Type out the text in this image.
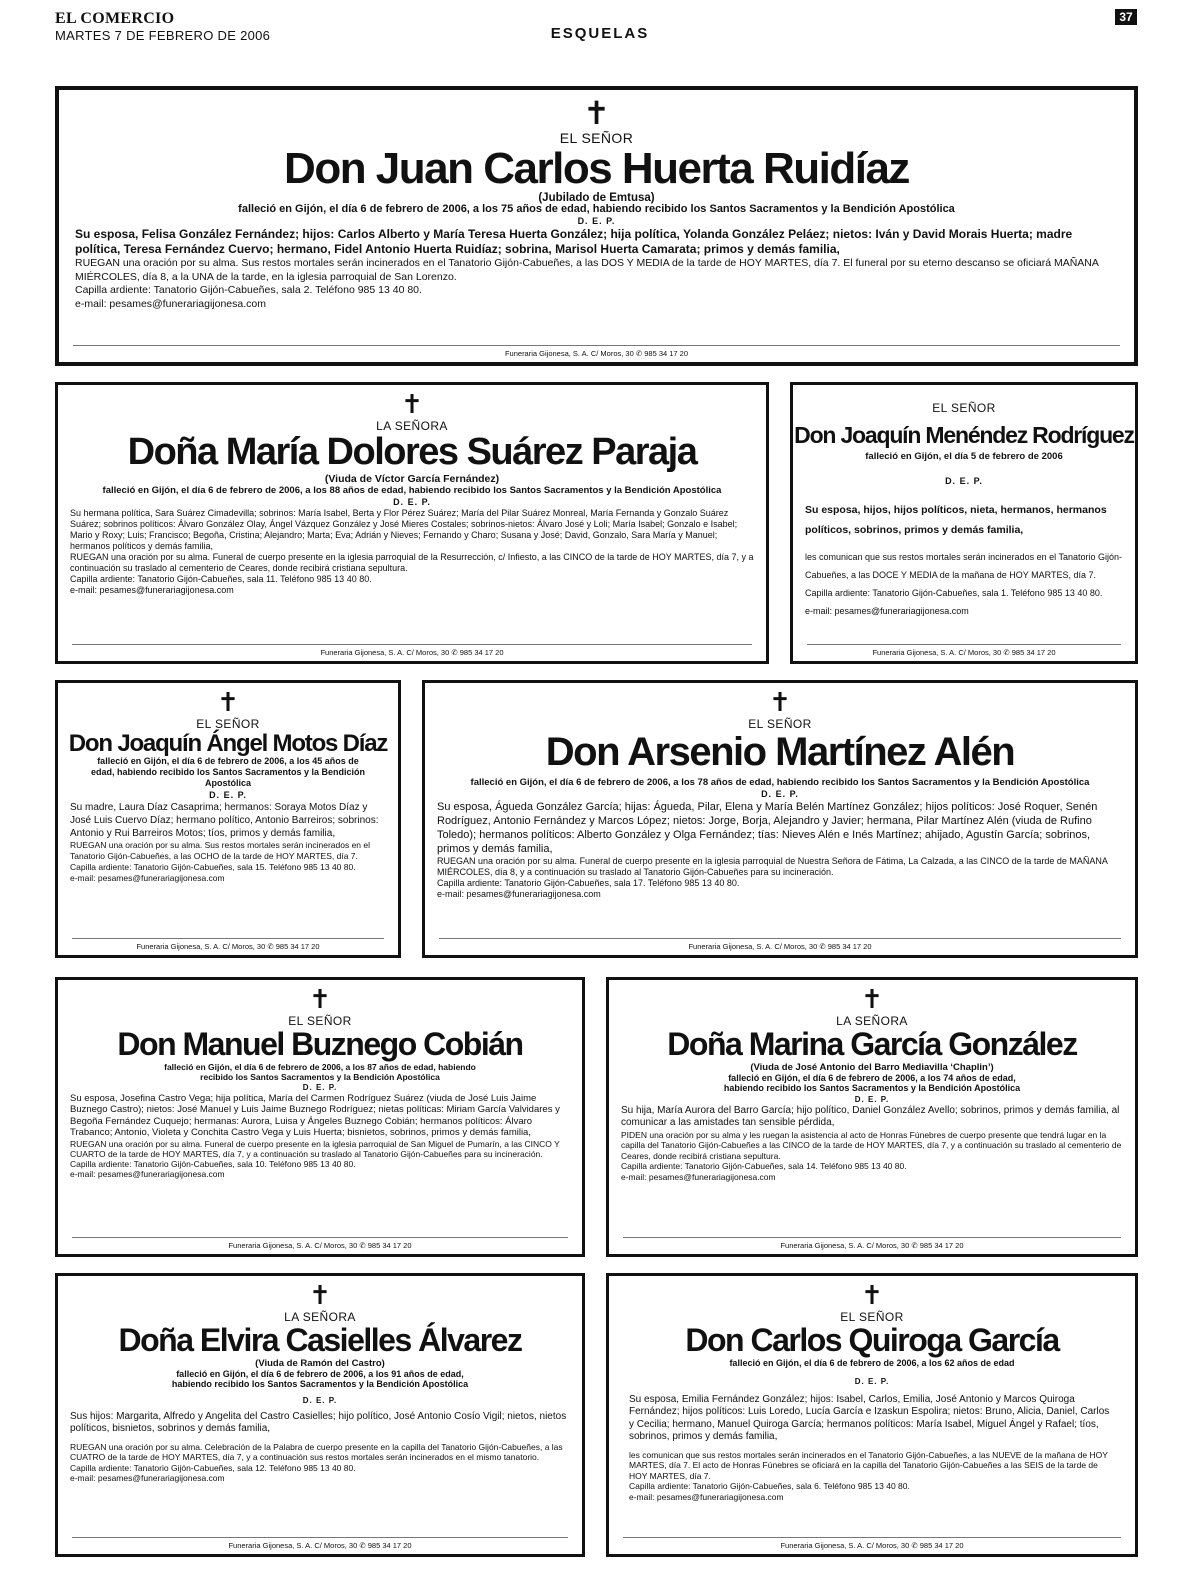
EL COMERCIO
MARTES 7 DE FEBRERO DE 2006	ESQUELAS
37
✝
EL SEÑOR
Don Juan Carlos Huerta Ruidíaz
(Jubilado de Emtusa)
falleció en Gijón, el día 6 de febrero de 2006, a los 75 años de edad, habiendo recibido los Santos Sacramentos y la Bendición Apostólica
D. E. P.
Su esposa, Felisa González Fernández; hijos: Carlos Alberto y María Teresa Huerta González; hija política, Yolanda González Peláez; nietos: Iván y David Morais Huerta; madre política, Teresa Fernández Cuervo; hermano, Fidel Antonio Huerta Ruidíaz; sobrina, Marisol Huerta Camarata; primos y demás familia,
RUEGAN una oración por su alma. Sus restos mortales serán incinerados en el Tanatorio Gijón-Cabueñes, a las DOS Y MEDIA de la tarde de HOY MARTES, día 7. El funeral por su eterno descanso se oficiará MAÑANA MIÉRCOLES, día 8, a la UNA de la tarde, en la iglesia parroquial de San Lorenzo.
Capilla ardiente: Tanatorio Gijón-Cabueñes, sala 2. Teléfono 985 13 40 80.
e-mail: pesames@funerariagijonesa.com
Funeraria Gijonesa, S. A. C/ Moros, 30 ✆ 985 34 17 20
✝
LA SEÑORA
Doña María Dolores Suárez Paraja
(Viuda de Víctor García Fernández)
falleció en Gijón, el día 6 de febrero de 2006, a los 88 años de edad, habiendo recibido los Santos Sacramentos y la Bendición Apostólica
D. E. P.
Su hermana política, Sara Suárez Cimadevilla; sobrinos: María Isabel, Berta y Flor Pérez Suárez; María del Pilar Suárez Monreal, María Fernanda y Gonzalo Suárez Suárez; sobrinos políticos: Álvaro González Olay, Ángel Vázquez González y José Mieres Costales; sobrinos-nietos: Álvaro José y Loli; María Isabel; Gonzalo e Isabel; Mario y Roxy; Luis; Francisco; Begoña, Cristina; Alejandro; Marta; Eva; Adrián y Nieves; Fernando y Charo; Susana y José; David, Gonzalo, Sara María y Manuel; hermanos políticos y demás familia,
RUEGAN una oración por su alma. Funeral de cuerpo presente en la iglesia parroquial de la Resurrección, c/ Infiesto, a las CINCO de la tarde de HOY MARTES, día 7, y a continuación su traslado al cementerio de Ceares, donde recibirá cristiana sepultura.
Capilla ardiente: Tanatorio Gijón-Cabueñes, sala 11. Teléfono 985 13 40 80.
e-mail: pesames@funerariagijonesa.com
Funeraria Gijonesa, S. A. C/ Moros, 30 ✆ 985 34 17 20
EL SEÑOR
Don Joaquín Menéndez Rodríguez
falleció en Gijón, el día 5 de febrero de 2006
D. E. P.
Su esposa, hijos, hijos políticos, nieta, hermanos, hermanos políticos, sobrinos, primos y demás familia,
les comunican que sus restos mortales serán incinerados en el Tanatorio Gijón-Cabueñes, a las DOCE Y MEDIA de la mañana de HOY MARTES, día 7.
Capilla ardiente: Tanatorio Gijón-Cabueñes, sala 1. Teléfono 985 13 40 80.
e-mail: pesames@funerariagijonesa.com
Funeraria Gijonesa, S. A. C/ Moros, 30 ✆ 985 34 17 20
✝
EL SEÑOR
Don Joaquín Ángel Motos Díaz
falleció en Gijón, el día 6 de febrero de 2006, a los 45 años de edad, habiendo recibido los Santos Sacramentos y la Bendición Apostólica
D. E. P.
Su madre, Laura Díaz Casaprima; hermanos: Soraya Motos Díaz y José Luis Cuervo Díaz; hermano político, Antonio Barreiros; sobrinos: Antonio y Rui Barreiros Motos; tíos, primos y demás familia,
RUEGAN una oración por su alma. Sus restos mortales serán incinerados en el Tanatorio Gijón-Cabueñes, a las OCHO de la tarde de HOY MARTES, día 7.
Capilla ardiente: Tanatorio Gijón-Cabueñes, sala 15. Teléfono 985 13 40 80.
e-mail: pesames@funerariagijonesa.com
Funeraria Gijonesa, S. A. C/ Moros, 30 ✆ 985 34 17 20
✝
EL SEÑOR
Don Arsenio Martínez Alén
falleció en Gijón, el día 6 de febrero de 2006, a los 78 años de edad, habiendo recibido los Santos Sacramentos y la Bendición Apostólica
D. E. P.
Su esposa, Águeda González García; hijas: Águeda, Pilar, Elena y María Belén Martínez González; hijos políticos: José Roquer, Senén Rodríguez, Antonio Fernández y Marcos López; nietos: Jorge, Borja, Alejandro y Javier; hermana, Pilar Martínez Alén (viuda de Rufino Toledo); hermanos políticos: Alberto González y Olga Fernández; tías: Nieves Alén e Inés Martínez; ahijado, Agustín García; sobrinos, primos y demás familia,
RUEGAN una oración por su alma. Funeral de cuerpo presente en la iglesia parroquial de Nuestra Señora de Fátima, La Calzada, a las CINCO de la tarde de MAÑANA MIÉRCOLES, día 8, y a continuación su traslado al Tanatorio Gijón-Cabueñes para su incineración.
Capilla ardiente: Tanatorio Gijón-Cabueñes, sala 17. Teléfono 985 13 40 80.
e-mail: pesames@funerariagijonesa.com
Funeraria Gijonesa, S. A. C/ Moros, 30 ✆ 985 34 17 20
✝
EL SEÑOR
Don Manuel Buznego Cobián
falleció en Gijón, el día 6 de febrero de 2006, a los 87 años de edad, habiendo recibido los Santos Sacramentos y la Bendición Apostólica
D. E. P.
Su esposa, Josefina Castro Vega; hija política, María del Carmen Rodríguez Suárez (viuda de José Luis Jaime Buznego Castro); nietos: José Manuel y Luis Jaime Buznego Rodríguez; nietas políticas: Miriam García Valvidares y Begoña Fernández Cuquejo; hermanas: Aurora, Luisa y Ángeles Buznego Cobián; hermanos políticos: Álvaro Trabanco; Antonio, Violeta y Conchita Castro Vega y Luis Huerta; bisnietos, sobrinos, primos y demás familia,
RUEGAN una oración por su alma. Funeral de cuerpo presente en la iglesia parroquial de San Miguel de Pumarín, a las CINCO Y CUARTO de la tarde de HOY MARTES, día 7, y a continuación su traslado al Tanatorio Gijón-Cabueñes para su incineración.
Capilla ardiente: Tanatorio Gijón-Cabueñes, sala 10. Teléfono 985 13 40 80.
e-mail: pesames@funerariagijonesa.com
Funeraria Gijonesa, S. A. C/ Moros, 30 ✆ 985 34 17 20
✝
LA SEÑORA
Doña Marina García González
(Viuda de José Antonio del Barro Mediavilla ‘Chaplin’)
falleció en Gijón, el día 6 de febrero de 2006, a los 74 años de edad, habiendo recibido los Santos Sacramentos y la Bendición Apostólica
D. E. P.
Su hija, María Aurora del Barro García; hijo político, Daniel González Avello; sobrinos, primos y demás familia, al comunicar a las amistades tan sensible pérdida,
PIDEN una oración por su alma y les ruegan la asistencia al acto de Honras Fúnebres de cuerpo presente que tendrá lugar en la capilla del Tanatorio Gijón-Cabueñes a las CINCO de la tarde de HOY MARTES, día 7, y a continuación su traslado al cementerio de Ceares, donde recibirá cristiana sepultura.
Capilla ardiente: Tanatorio Gijón-Cabueñes, sala 14. Teléfono 985 13 40 80.
e-mail: pesames@funerariagijonesa.com
Funeraria Gijonesa, S. A. C/ Moros, 30 ✆ 985 34 17 20
✝
LA SEÑORA
Doña Elvira Casielles Álvarez
(Viuda de Ramón del Castro)
falleció en Gijón, el día 6 de febrero de 2006, a los 91 años de edad, habiendo recibido los Santos Sacramentos y la Bendición Apostólica
D. E. P.
Sus hijos: Margarita, Alfredo y Angelita del Castro Casielles; hijo político, José Antonio Cosío Vigil; nietos, nietos políticos, bisnietos, sobrinos y demás familia,
RUEGAN una oración por su alma. Celebración de la Palabra de cuerpo presente en la capilla del Tanatorio Gijón-Cabueñes, a las CUATRO de la tarde de HOY MARTES, día 7, y a continuación sus restos mortales serán incinerados en el mismo tanatorio.
Capilla ardiente: Tanatorio Gijón-Cabueñes, sala 12. Teléfono 985 13 40 80.
e-mail: pesames@funerariagijonesa.com
Funeraria Gijonesa, S. A. C/ Moros, 30 ✆ 985 34 17 20
✝
EL SEÑOR
Don Carlos Quiroga García
falleció en Gijón, el día 6 de febrero de 2006, a los 62 años de edad
D. E. P.
Su esposa, Emilia Fernández González; hijos: Isabel, Carlos, Emilia, José Antonio y Marcos Quiroga Fernández; hijos políticos: Luis Loredo, Lucía García e Izaskun Espolira; nietos: Bruno, Alicia, Daniel, Carlos y Cecilia; hermano, Manuel Quiroga García; hermanos políticos: María Isabel, Miguel Ángel y Rafael; tíos, sobrinos, primos y demás familia,
les comunican que sus restos mortales serán incinerados en el Tanatorio Gijón-Cabueñes, a las NUEVE de la mañana de HOY MARTES, día 7. El acto de Honras Fúnebres se oficiará en la capilla del Tanatorio Gijón-Cabueñes a las SEIS de la tarde de HOY MARTES, día 7.
Capilla ardiente: Tanatorio Gijón-Cabueñes, sala 6. Teléfono 985 13 40 80.
e-mail: pesames@funerariagijonesa.com
Funeraria Gijonesa, S. A. C/ Moros, 30 ✆ 985 34 17 20
